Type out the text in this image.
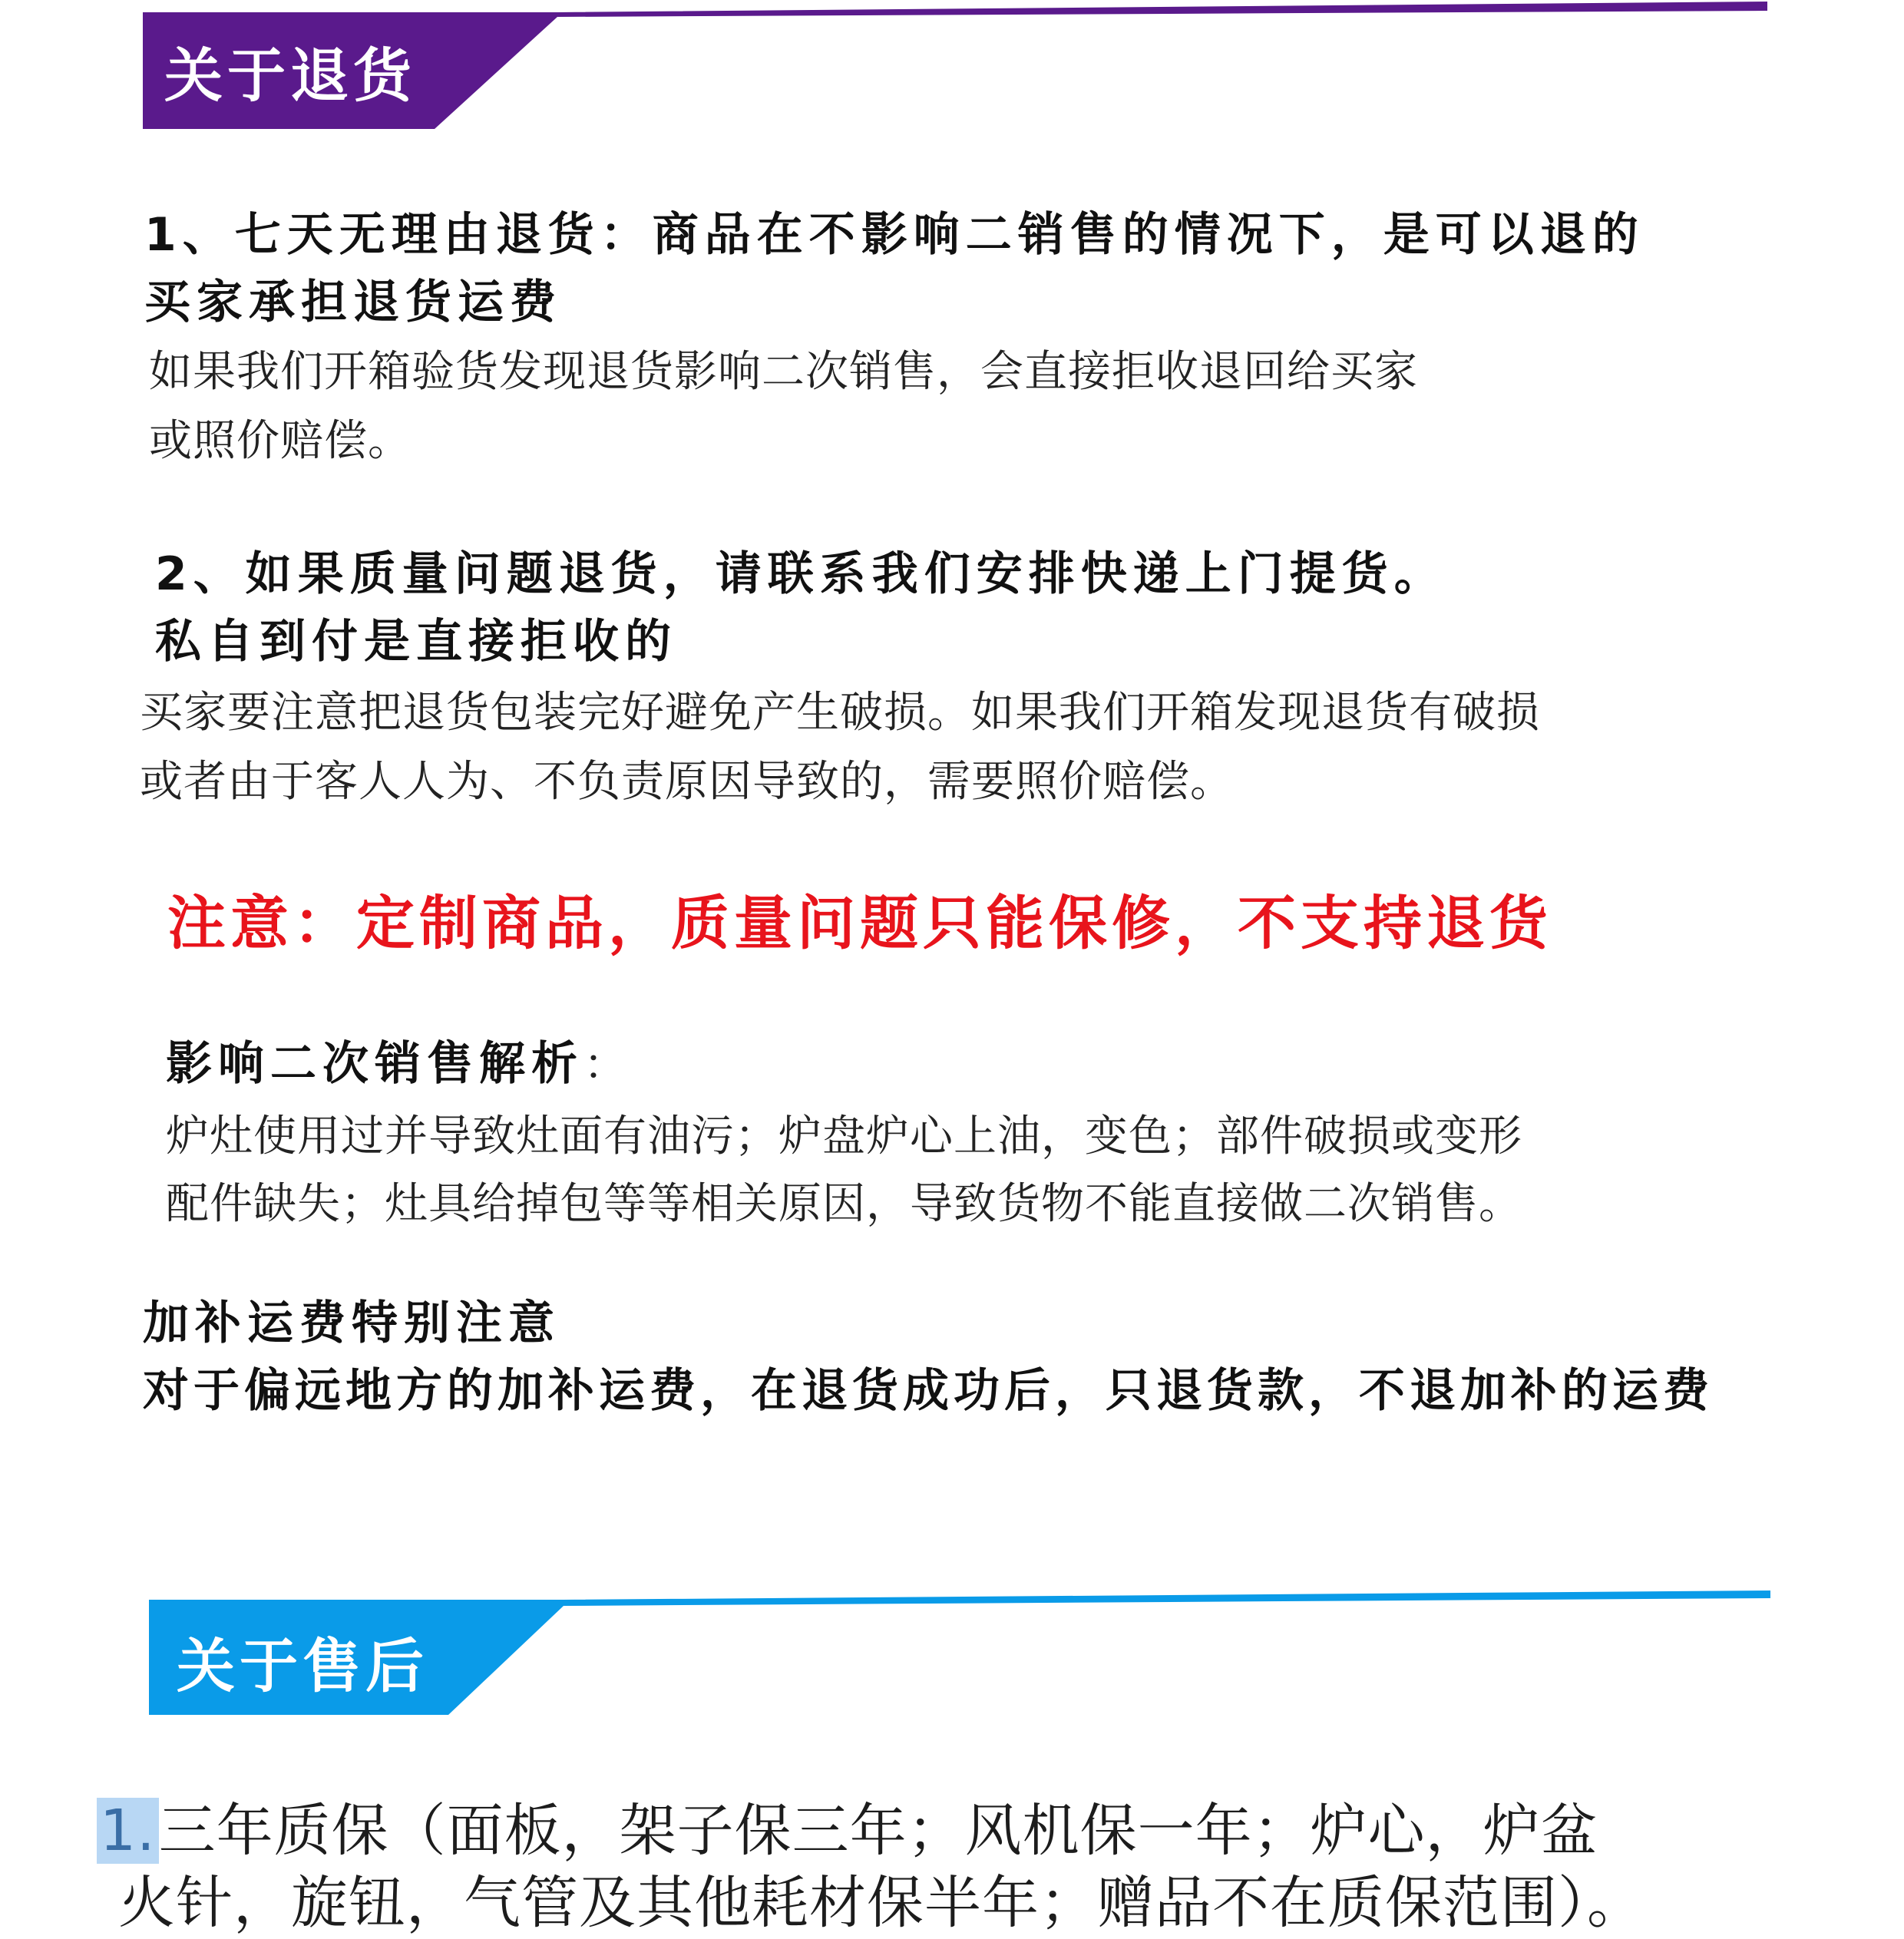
关于退货
1、七天无理由退货：商品在不影响二销售的情况下，是可以退的
买家承担退货运费
如果我们开箱验货发现退货影响二次销售，会直接拒收退回给买家
或照价赔偿。
2、如果质量问题退货，请联系我们安排快递上门提货。
私自到付是直接拒收的
买家要注意把退货包装完好避免产生破损。如果我们开箱发现退货有破损
或者由于客人人为、不负责原因导致的，需要照价赔偿。
注意：定制商品，质量问题只能保修，不支持退货
影响二次销售解析：
炉灶使用过并导致灶面有油污；炉盘炉心上油，变色；部件破损或变形
配件缺失；灶具给掉包等等相关原因，导致货物不能直接做二次销售。
加补运费特别注意
对于偏远地方的加补运费，在退货成功后，只退货款，不退加补的运费
关于售后
1.三年质保（面板，架子保三年；风机保一年；炉心，炉盆
火针，旋钮，气管及其他耗材保半年；赠品不在质保范围）。
